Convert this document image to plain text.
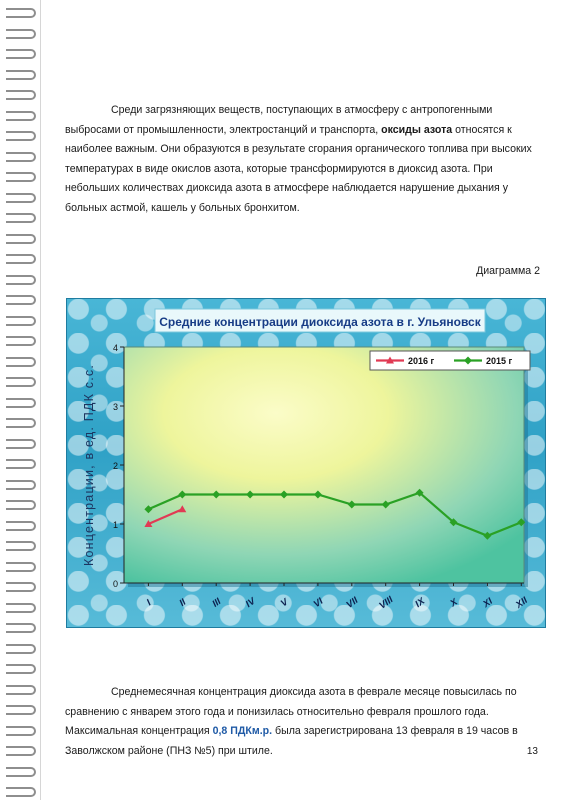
Среди загрязняющих веществ, поступающих в атмосферу с антропогенными выбросами от промышленности, электростанций и транспорта, оксиды азота относятся к наиболее важным. Они образуются в результате сгорания органического топлива при высоких температурах в виде окислов азота, которые трансформируются в диоксид азота. При небольших количествах диоксида азота в атмосфере наблюдается нарушение дыхания у больных астмой, кашель у больных бронхитом.

Диаграмма 2
Средние концентрации диоксида азота в г. Ульяновск
Концентрации, в ед. ПДК с.с.
0
1
2
3
4
I	II III IV V VI VII VIII IX X XI XII
2016 г	2015 г

Среднемесячная концентрация диоксида азота в феврале месяце повысилась по сравнению с январем этого года и понизилась относительно февраля прошлого года. Максимальная концентрация 0,8 ПДКм.р. была зарегистрирована 13 февраля в 19 часов в Заволжском районе (ПНЗ №5) при штиле.	13
